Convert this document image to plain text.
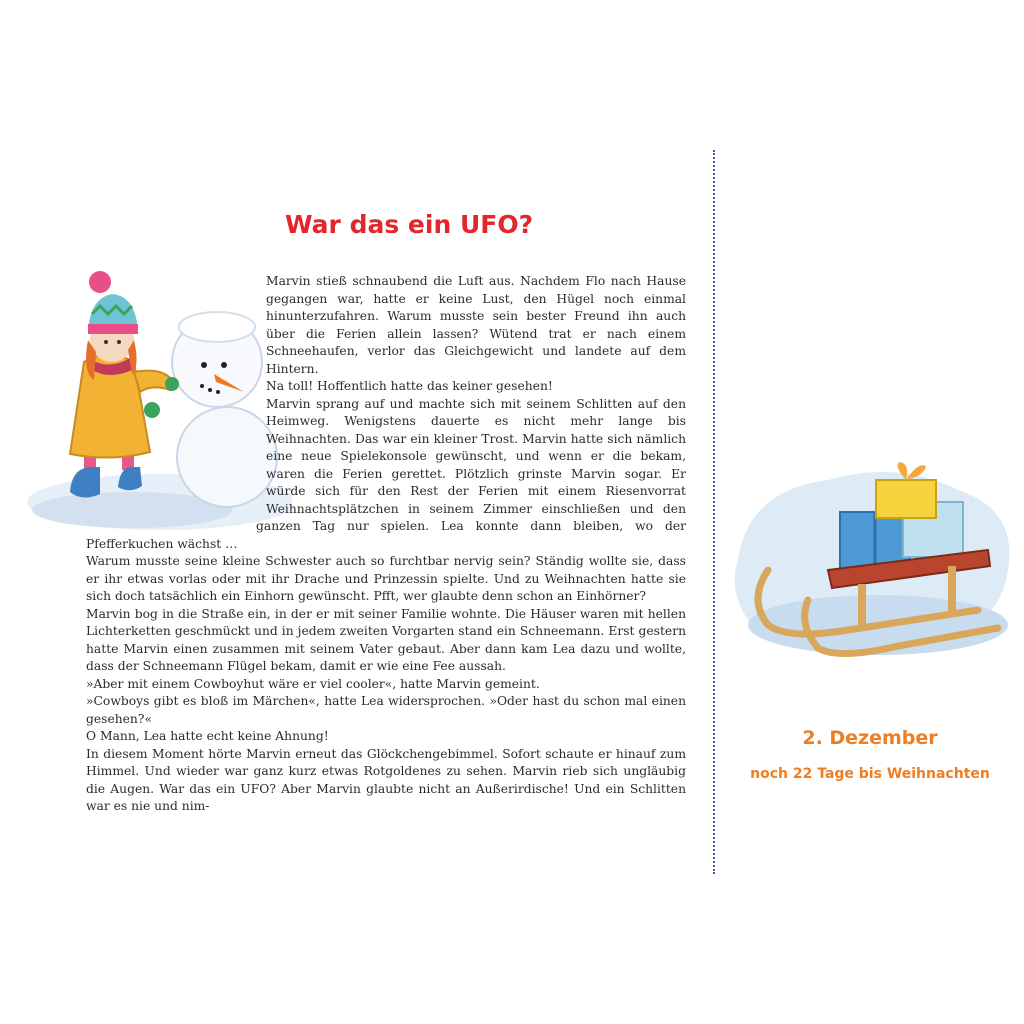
War das ein UFO?

Marvin stieß schnaubend die Luft aus. Nachdem Flo nach Hause gegangen war, hatte er keine Lust, den Hügel noch einmal hinunterzufahren. Warum musste sein bester Freund ihn auch über die Ferien allein lassen? Wütend trat er nach einem Schneehaufen, verlor das Gleichgewicht und landete auf dem Hintern.

Na toll! Hoffentlich hatte das keiner gesehen!

Marvin sprang auf und machte sich mit seinem Schlitten auf den Heimweg. Wenigstens dauerte es nicht mehr lange bis Weihnachten. Das war ein kleiner Trost. Marvin hatte sich nämlich eine neue Spielekonsole gewünscht, und wenn er die bekam, waren die Ferien gerettet. Plötzlich grinste Marvin sogar. Er würde sich für den Rest der Ferien mit einem Riesenvorrat Weihnachtsplätzchen in seinem Zimmer einschließen und den ganzen Tag nur spielen. Lea konnte dann bleiben, wo der Pfefferkuchen wächst …

Warum musste seine kleine Schwester auch so furchtbar nervig sein? Ständig wollte sie, dass er ihr etwas vorlas oder mit ihr Drache und Prinzessin spielte. Und zu Weihnachten hatte sie sich doch tatsächlich ein Einhorn gewünscht. Pfft, wer glaubte denn schon an Einhörner?

Marvin bog in die Straße ein, in der er mit seiner Familie wohnte. Die Häuser waren mit hellen Lichterketten geschmückt und in jedem zweiten Vorgarten stand ein Schneemann. Erst gestern hatte Marvin einen zusammen mit seinem Vater gebaut. Aber dann kam Lea dazu und wollte, dass der Schneemann Flügel bekam, damit er wie eine Fee aussah.

»Aber mit einem Cowboyhut wäre er viel cooler«, hatte Marvin gemeint.

»Cowboys gibt es bloß im Märchen«, hatte Lea widersprochen. »Oder hast du schon mal einen gesehen?«

O Mann, Lea hatte echt keine Ahnung!

In diesem Moment hörte Marvin erneut das Glöckchengebimmel. Sofort schaute er hinauf zum Himmel. Und wieder war ganz kurz etwas Rotgoldenes zu sehen. Marvin rieb sich ungläubig die Augen. War das ein UFO? Aber Marvin glaubte nicht an Außerirdische! Und ein Schlitten war es nie und nim-

2. Dezember

noch 22 Tage bis Weihnachten
